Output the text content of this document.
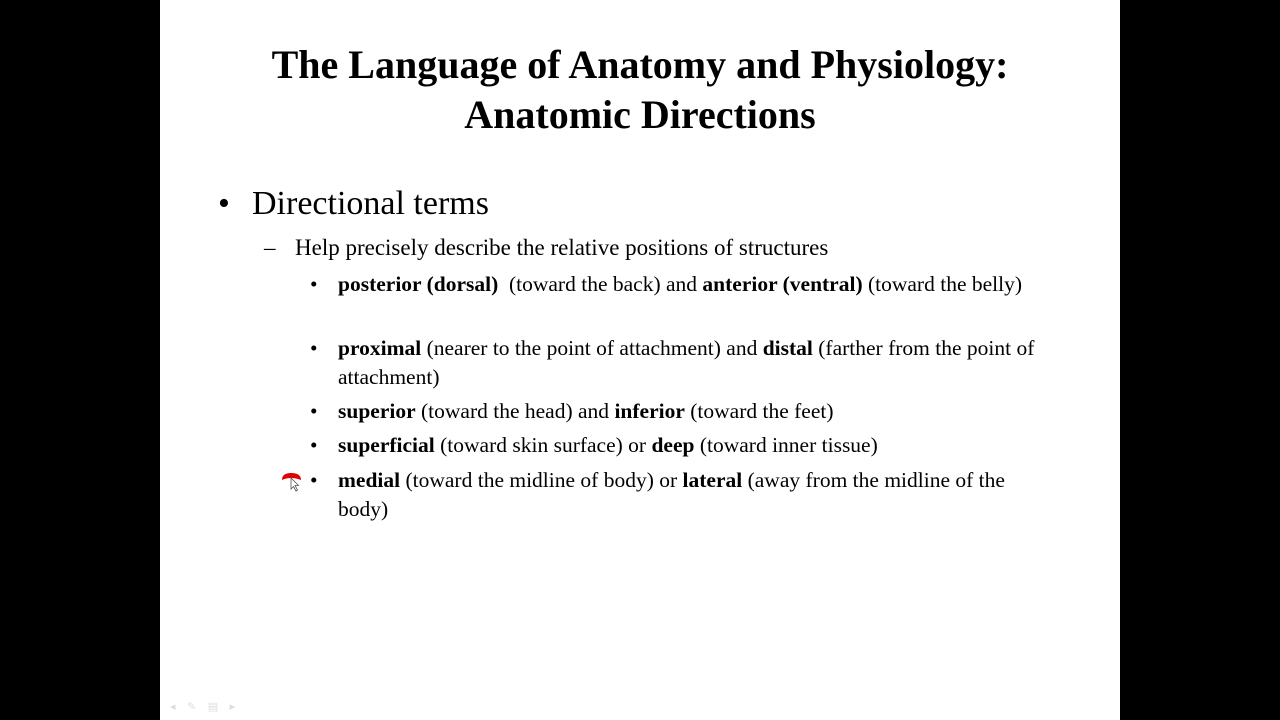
The Language of Anatomy and Physiology:
Anatomic Directions
• Directional terms
– Help precisely describe the relative positions of structures
• posterior (dorsal)  (toward the back) and anterior (ventral) (toward the belly)
• proximal (nearer to the point of attachment) and distal (farther from the point of attachment)
• superior (toward the head) and inferior (toward the feet)
• superficial (toward skin surface) or deep (toward inner tissue)
• medial (toward the midline of body) or lateral (away from the midline of the body)
◂ ✎ ▤ ▸
